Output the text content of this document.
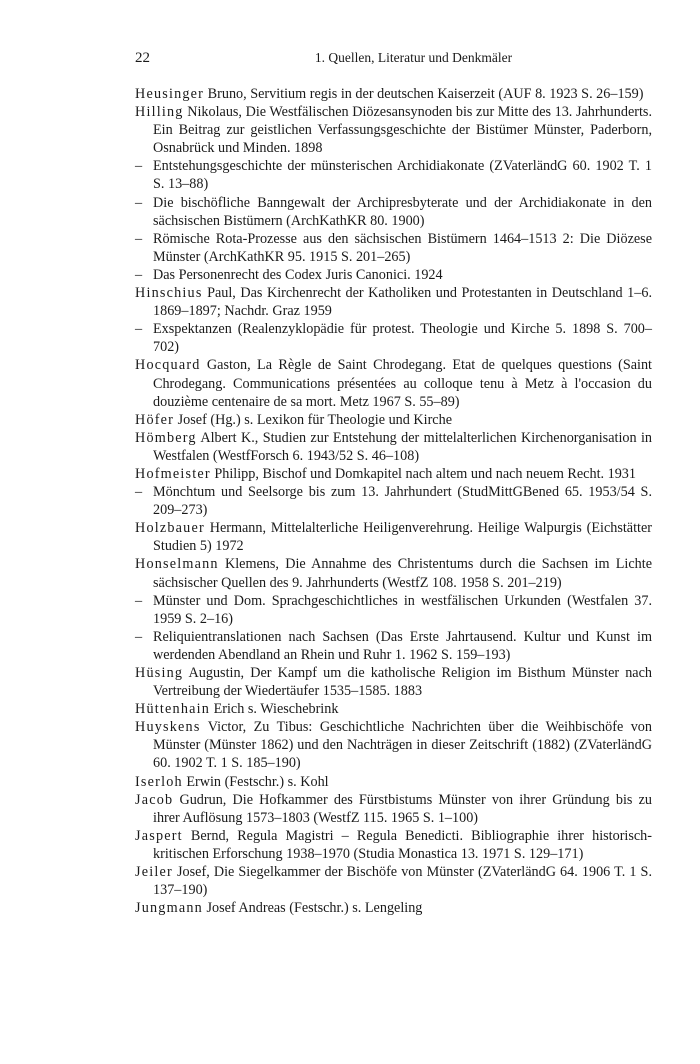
22	1. Quellen, Literatur und Denkmäler
Heusinger Bruno, Servitium regis in der deutschen Kaiserzeit (AUF 8. 1923 S. 26–159)
Hilling Nikolaus, Die Westfälischen Diözesansynoden bis zur Mitte des 13. Jahrhunderts. Ein Beitrag zur geistlichen Verfassungsgeschichte der Bistümer Münster, Paderborn, Osnabrück und Minden. 1898
– Entstehungsgeschichte der münsterischen Archidiakonate (ZVaterländG 60. 1902 T. 1 S. 13–88)
– Die bischöfliche Banngewalt der Archipresbyterate und der Archidiakonate in den sächsischen Bistümern (ArchKathKR 80. 1900)
– Römische Rota-Prozesse aus den sächsischen Bistümern 1464–1513 2: Die Diözese Münster (ArchKathKR 95. 1915 S. 201–265)
– Das Personenrecht des Codex Juris Canonici. 1924
Hinschius Paul, Das Kirchenrecht der Katholiken und Protestanten in Deutschland 1–6. 1869–1897; Nachdr. Graz 1959
– Exspektanzen (Realenzyklopädie für protest. Theologie und Kirche 5. 1898 S. 700–702)
Hocquard Gaston, La Règle de Saint Chrodegang. Etat de quelques questions (Saint Chrodegang. Communications présentées au colloque tenu à Metz à l'occasion du douzième centenaire de sa mort. Metz 1967 S. 55–89)
Höfer Josef (Hg.) s. Lexikon für Theologie und Kirche
Hömberg Albert K., Studien zur Entstehung der mittelalterlichen Kirchenorganisation in Westfalen (WestfForsch 6. 1943/52 S. 46–108)
Hofmeister Philipp, Bischof und Domkapitel nach altem und nach neuem Recht. 1931
– Mönchtum und Seelsorge bis zum 13. Jahrhundert (StudMittGBened 65. 1953/54 S. 209–273)
Holzbauer Hermann, Mittelalterliche Heiligenverehrung. Heilige Walpurgis (Eichstätter Studien 5) 1972
Honselmann Klemens, Die Annahme des Christentums durch die Sachsen im Lichte sächsischer Quellen des 9. Jahrhunderts (WestfZ 108. 1958 S. 201–219)
– Münster und Dom. Sprachgeschichtliches in westfälischen Urkunden (Westfalen 37. 1959 S. 2–16)
– Reliquientranslationen nach Sachsen (Das Erste Jahrtausend. Kultur und Kunst im werdenden Abendland an Rhein und Ruhr 1. 1962 S. 159–193)
Hüsing Augustin, Der Kampf um die katholische Religion im Bisthum Münster nach Vertreibung der Wiedertäufer 1535–1585. 1883
Hüttenhain Erich s. Wieschebrink
Huyskens Victor, Zu Tibus: Geschichtliche Nachrichten über die Weihbischöfe von Münster (Münster 1862) und den Nachträgen in dieser Zeitschrift (1882) (ZVaterländG 60. 1902 T. 1 S. 185–190)
Iserloh Erwin (Festschr.) s. Kohl
Jacob Gudrun, Die Hofkammer des Fürstbistums Münster von ihrer Gründung bis zu ihrer Auflösung 1573–1803 (WestfZ 115. 1965 S. 1–100)
Jaspert Bernd, Regula Magistri – Regula Benedicti. Bibliographie ihrer historisch-kritischen Erforschung 1938–1970 (Studia Monastica 13. 1971 S. 129–171)
Jeiler Josef, Die Siegelkammer der Bischöfe von Münster (ZVaterländG 64. 1906 T. 1 S. 137–190)
Jungmann Josef Andreas (Festschr.) s. Lengeling
